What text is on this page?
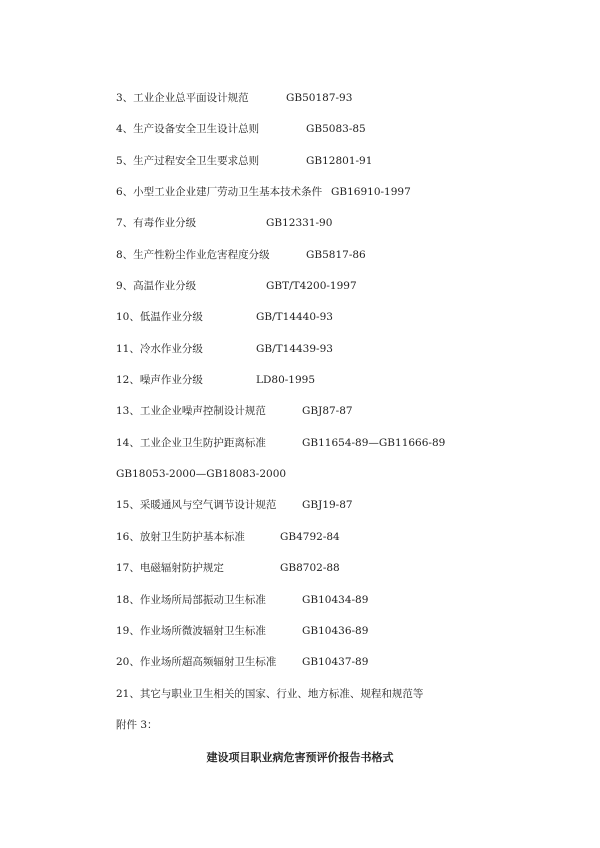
3、工业企业总平面设计规范	GB50187-93
4、生产设备安全卫生设计总则	GB5083-85
5、生产过程安全卫生要求总则	GB12801-91
6、小型工业企业建厂劳动卫生基本技术条件 GB16910-1997
7、有毒作业分级	GB12331-90
8、生产性粉尘作业危害程度分级	GB5817-86
9、高温作业分级	GBT/T4200-1997
10、低温作业分级	GB/T14440-93
11、冷水作业分级	GB/T14439-93
12、噪声作业分级	LD80-1995
13、工业企业噪声控制设计规范	GBJ87-87
14、工业企业卫生防护距离标准	GB11654-89—GB11666-89
GB18053-2000—GB18083-2000
15、采暖通风与空气调节设计规范 GBJ19-87
16、放射卫生防护基本标准	GB4792-84
17、电磁辐射防护规定	GB8702-88
18、作业场所局部振动卫生标准	GB10434-89
19、作业场所微波辐射卫生标准	GB10436-89
20、作业场所超高频辐射卫生标准 GB10437-89
21、其它与职业卫生相关的国家、行业、地方标准、规程和规范等
附件 3：
建设项目职业病危害预评价报告书格式
